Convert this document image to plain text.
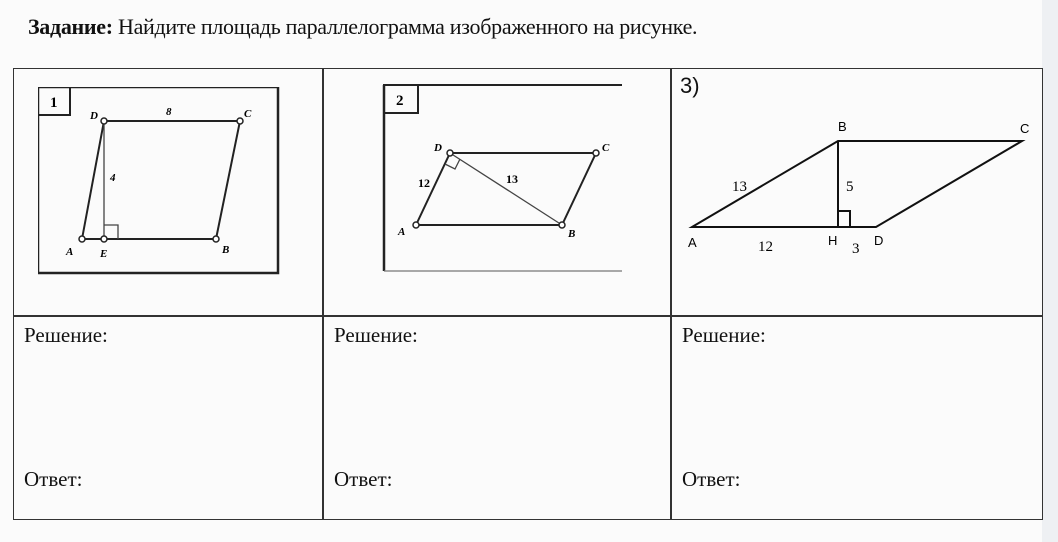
Задание: Найдите площадь параллелограмма изображенного на рисунке.
1
D	C
8
4
A E	B
2
D	C
12	13
A	B
3)
B	C
A	H	D
13	5
12	3
Решение:
Ответ:
Решение:
Ответ:
Решение:
Ответ:
